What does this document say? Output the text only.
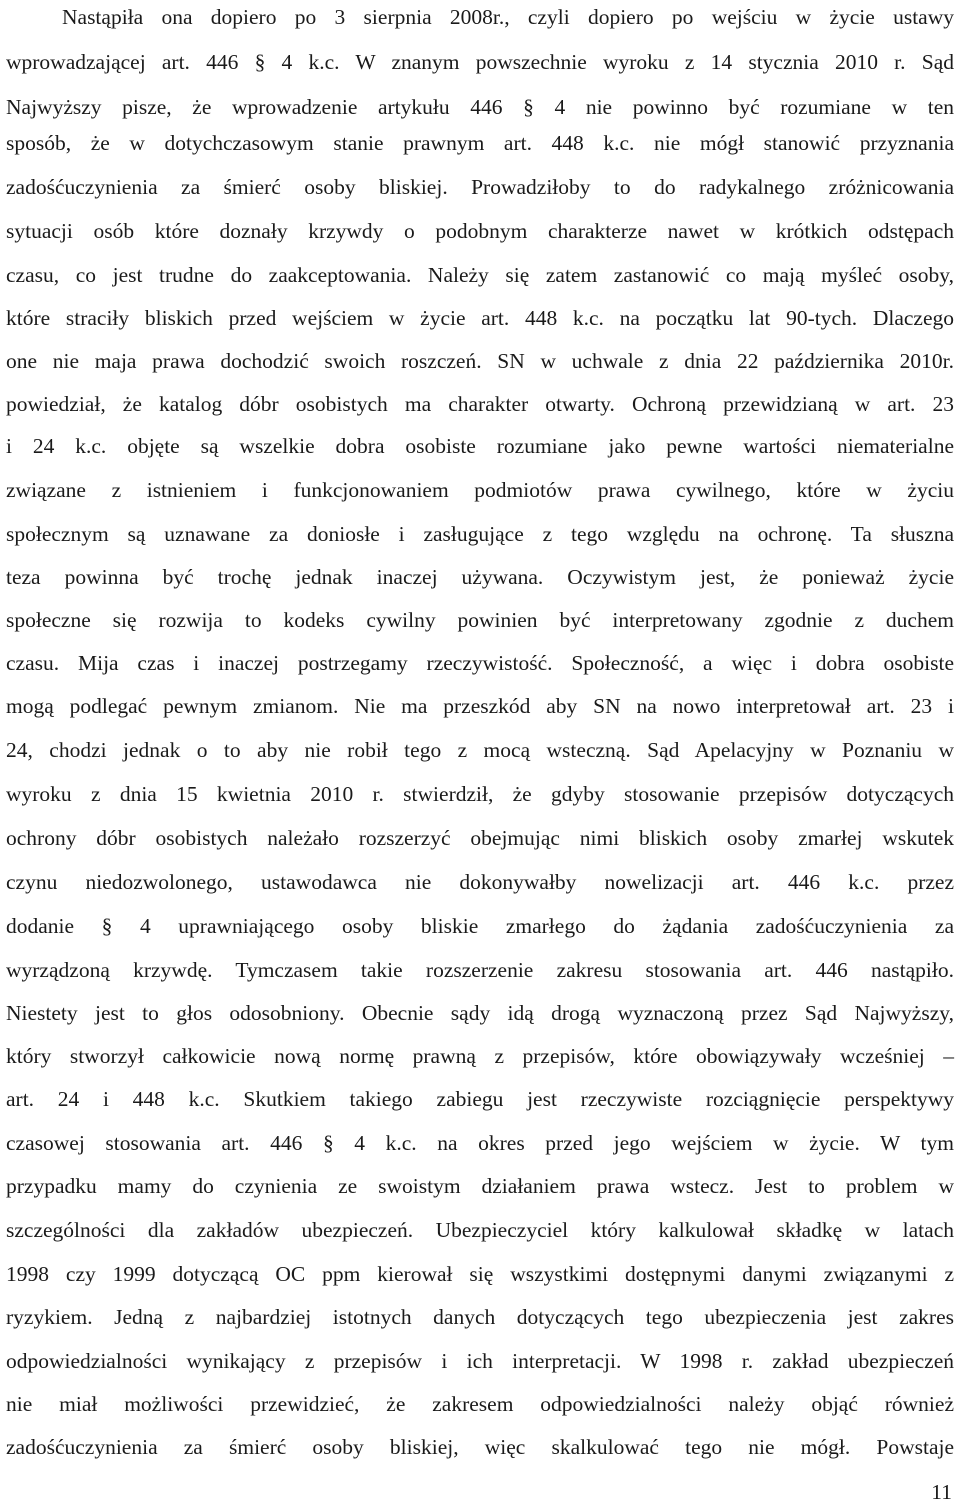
Nastąpiła ona dopiero po 3 sierpnia 2008r., czyli dopiero po wejściu w życie ustawy
wprowadzającej art. 446 § 4 k.c. W znanym powszechnie wyroku z 14 stycznia 2010 r. Sąd
Najwyższy pisze, że wprowadzenie artykułu 446 § 4 nie powinno być rozumiane w ten
sposób, że w dotychczasowym stanie prawnym art. 448 k.c. nie mógł stanowić przyznania
zadośćuczynienia za śmierć osoby bliskiej. Prowadziłoby to do radykalnego zróżnicowania
sytuacji osób które doznały krzywdy o podobnym charakterze nawet w krótkich odstępach
czasu, co jest trudne do zaakceptowania. Należy się zatem zastanowić co mają myśleć osoby,
które straciły bliskich przed wejściem w życie art. 448 k.c. na początku lat 90-tych. Dlaczego
one nie maja prawa dochodzić swoich roszczeń. SN w uchwale z dnia 22 października 2010r.
powiedział, że katalog dóbr osobistych ma charakter otwarty. Ochroną przewidzianą w art. 23
i 24 k.c. objęte są wszelkie dobra osobiste rozumiane jako pewne wartości niematerialne
związane z istnieniem i funkcjonowaniem podmiotów prawa cywilnego, które w życiu
społecznym są uznawane za doniosłe i zasługujące z tego względu na ochronę. Ta słuszna
teza powinna być trochę jednak inaczej używana. Oczywistym jest, że ponieważ życie
społeczne się rozwija to kodeks cywilny powinien być interpretowany zgodnie z duchem
czasu. Mija czas i inaczej postrzegamy rzeczywistość. Społeczność, a więc i dobra osobiste
mogą podlegać pewnym zmianom. Nie ma przeszkód aby SN na nowo interpretował art. 23 i
24, chodzi jednak o to aby nie robił tego z mocą wsteczną. Sąd Apelacyjny w Poznaniu w
wyroku z dnia 15 kwietnia 2010 r. stwierdził, że gdyby stosowanie przepisów dotyczących
ochrony dóbr osobistych należało rozszerzyć obejmując nimi bliskich osoby zmarłej wskutek
czynu niedozwolonego, ustawodawca nie dokonywałby nowelizacji art. 446 k.c. przez
dodanie § 4 uprawniającego osoby bliskie zmarłego do żądania zadośćuczynienia za
wyrządzoną krzywdę. Tymczasem takie rozszerzenie zakresu stosowania art. 446 nastąpiło.
Niestety jest to głos odosobniony. Obecnie sądy idą drogą wyznaczoną przez Sąd Najwyższy,
który stworzył całkowicie nową normę prawną z przepisów, które obowiązywały wcześniej –
art. 24 i 448 k.c. Skutkiem takiego zabiegu jest rzeczywiste rozciągnięcie perspektywy
czasowej stosowania art. 446 § 4 k.c. na okres przed jego wejściem w życie. W tym
przypadku mamy do czynienia ze swoistym działaniem prawa wstecz. Jest to problem w
szczególności dla zakładów ubezpieczeń. Ubezpieczyciel który kalkulował składkę w latach
1998 czy 1999 dotyczącą OC ppm kierował się wszystkimi dostępnymi danymi związanymi z
ryzykiem. Jedną z najbardziej istotnych danych dotyczących tego ubezpieczenia jest zakres
odpowiedzialności wynikający z przepisów i ich interpretacji. W 1998 r. zakład ubezpieczeń
nie miał możliwości przewidzieć, że zakresem odpowiedzialności należy objąć również
zadośćuczynienia za śmierć osoby bliskiej, więc skalkulować tego nie mógł. Powstaje
11
